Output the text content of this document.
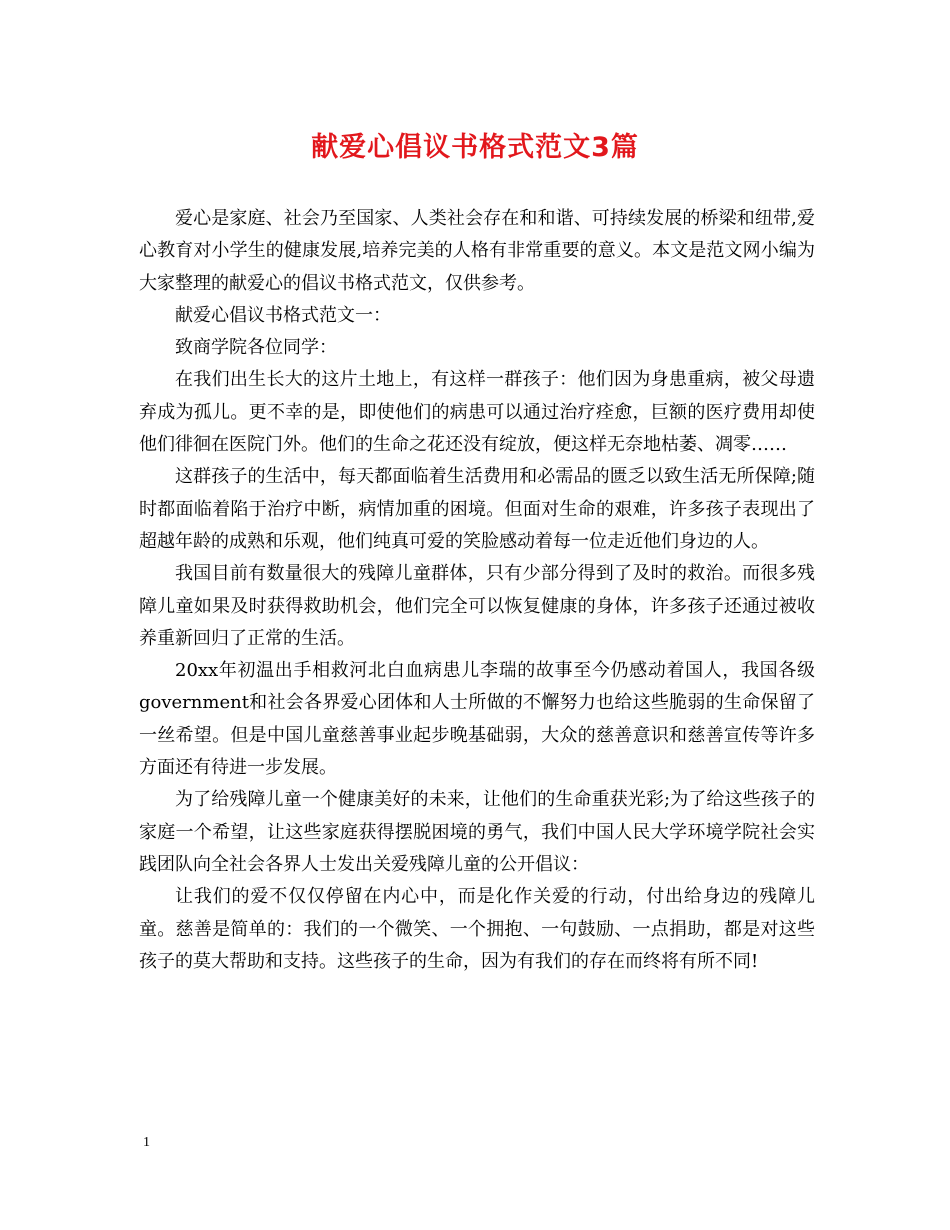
献爱心倡议书格式范文3篇

爱心是家庭、社会乃至国家、人类社会存在和和谐、可持续发展的桥梁和纽带,爱心教育对小学生的健康发展,培养完美的人格有非常重要的意义。本文是范文网小编为大家整理的献爱心的倡议书格式范文，仅供参考。

献爱心倡议书格式范文一：

致商学院各位同学：

在我们出生长大的这片土地上，有这样一群孩子：他们因为身患重病，被父母遗弃成为孤儿。更不幸的是，即使他们的病患可以通过治疗痊愈，巨额的医疗费用却使他们徘徊在医院门外。他们的生命之花还没有绽放，便这样无奈地枯萎、凋零……

这群孩子的生活中，每天都面临着生活费用和必需品的匮乏以致生活无所保障;随时都面临着陷于治疗中断，病情加重的困境。但面对生命的艰难，许多孩子表现出了超越年龄的成熟和乐观，他们纯真可爱的笑脸感动着每一位走近他们身边的人。

我国目前有数量很大的残障儿童群体，只有少部分得到了及时的救治。而很多残障儿童如果及时获得救助机会，他们完全可以恢复健康的身体，许多孩子还通过被收养重新回归了正常的生活。

20xx年初温出手相救河北白血病患儿李瑞的故事至今仍感动着国人，我国各级government和社会各界爱心团体和人士所做的不懈努力也给这些脆弱的生命保留了一丝希望。但是中国儿童慈善事业起步晚基础弱，大众的慈善意识和慈善宣传等许多方面还有待进一步发展。

为了给残障儿童一个健康美好的未来，让他们的生命重获光彩;为了给这些孩子的家庭一个希望，让这些家庭获得摆脱困境的勇气，我们中国人民大学环境学院社会实践团队向全社会各界人士发出关爱残障儿童的公开倡议：

让我们的爱不仅仅停留在内心中，而是化作关爱的行动，付出给身边的残障儿童。慈善是简单的：我们的一个微笑、一个拥抱、一句鼓励、一点捐助，都是对这些孩子的莫大帮助和支持。这些孩子的生命，因为有我们的存在而终将有所不同!

1
